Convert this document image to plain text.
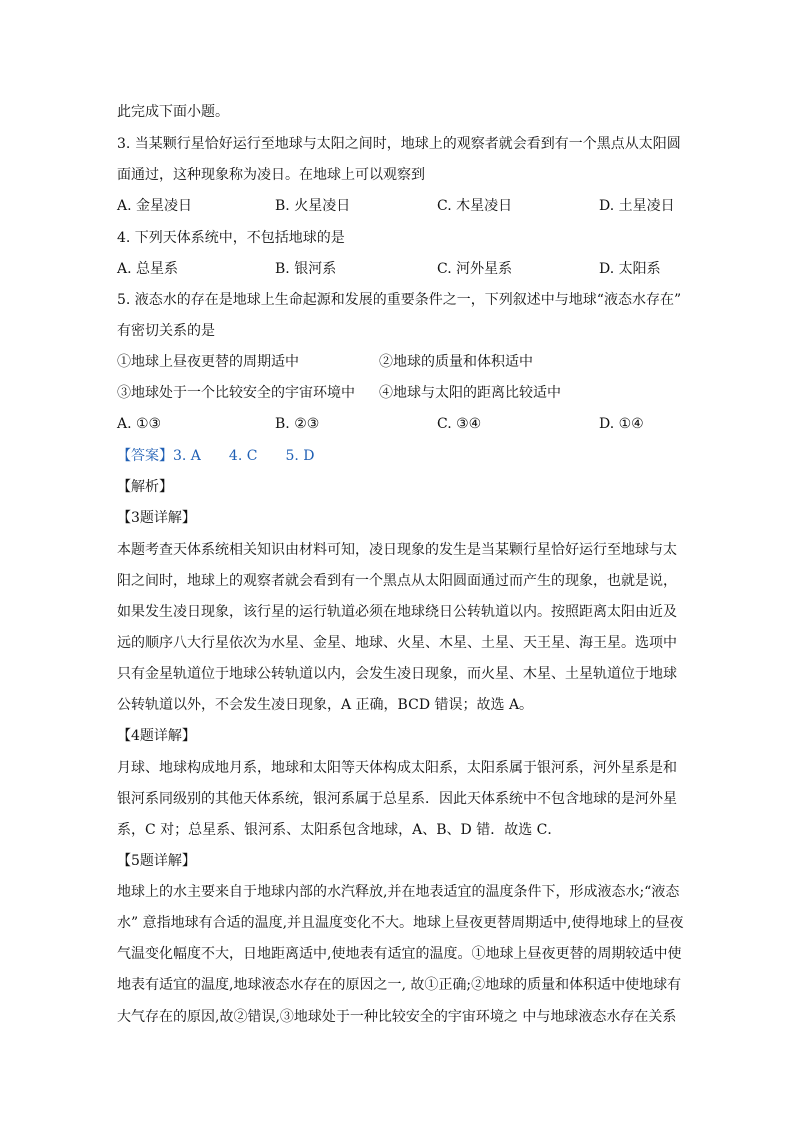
此完成下面小题。
3. 当某颗行星恰好运行至地球与太阳之间时，地球上的观察者就会看到有一个黑点从太阳圆
面通过，这种现象称为凌日。在地球上可以观察到
A. 金星凌日	B. 火星凌日	C. 木星凌日	D. 土星凌日
4. 下列天体系统中，不包括地球的是
A. 总星系	B. 银河系	C. 河外星系	D. 太阳系
5. 液态水的存在是地球上生命起源和发展的重要条件之一，下列叙述中与地球“液态水存在”
有密切关系的是
①地球上昼夜更替的周期适中	②地球的质量和体积适中
③地球处于一个比较安全的宇宙环境中 ④地球与太阳的距离比较适中
A. ①③	B. ②③	C. ③④	D. ①④
【答案】3. A 4. C 5. D
【解析】
【3题详解】
本题考查天体系统相关知识由材料可知，凌日现象的发生是当某颗行星恰好运行至地球与太
阳之间时，地球上的观察者就会看到有一个黑点从太阳圆面通过而产生的现象，也就是说，
如果发生凌日现象，该行星的运行轨道必须在地球绕日公转轨道以内。按照距离太阳由近及
远的顺序八大行星依次为水星、金星、地球、火星、木星、土星、天王星、海王星。选项中
只有金星轨道位于地球公转轨道以内，会发生凌日现象，而火星、木星、土星轨道位于地球
公转轨道以外，不会发生凌日现象，A 正确，BCD 错误；故选 A。
【4题详解】
月球、地球构成地月系，地球和太阳等天体构成太阳系，太阳系属于银河系，河外星系是和
银河系同级别的其他天体系统，银河系属于总星系．因此天体系统中不包含地球的是河外星
系，C 对；总星系、银河系、太阳系包含地球，A、B、D 错．故选 C．
【5题详解】
地球上的水主要来自于地球内部的水汽释放,并在地表适宜的温度条件下，形成液态水;“液态
水” 意指地球有合适的温度,并且温度变化不大。地球上昼夜更替周期适中,使得地球上的昼夜
气温变化幅度不大，日地距离适中,使地表有适宜的温度。①地球上昼夜更替的周期较适中使
地表有适宜的温度,地球液态水存在的原因之一, 故①正确;②地球的质量和体积适中使地球有
大气存在的原因,故②错误,③地球处于一种比较安全的宇宙环境之 中与地球液态水存在关系
